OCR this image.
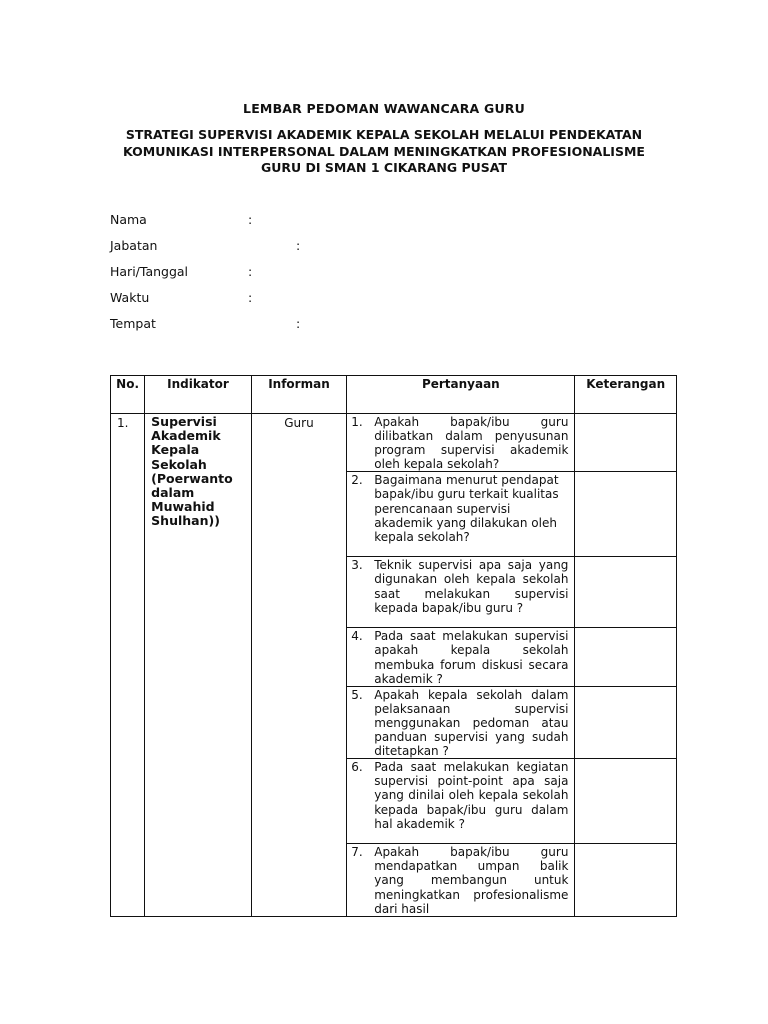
LEMBAR PEDOMAN WAWANCARA GURU
STRATEGI SUPERVISI AKADEMIK KEPALA SEKOLAH MELALUI PENDEKATAN
KOMUNIKASI INTERPERSONAL DALAM MENINGKATKAN PROFESIONALISME
GURU DI SMAN 1 CIKARANG PUSAT
Nama	:
Jabatan	:
Hari/Tanggal	:
Waktu	:
Tempat	:
No.	Indikator	Informan	Pertanyaan	Keterangan
1.	Supervisi Akademik Kepala Sekolah (Poerwanto dalam Muwahid Shulhan))	Guru	1. Apakah bapak/ibu guru dilibatkan dalam penyusunan program supervisi akademik oleh kepala sekolah?	

			2. Bagaimana menurut pendapat bapak/ibu guru terkait kualitas perencanaan supervisi akademik yang dilakukan oleh kepala sekolah?	

			3. Teknik supervisi apa saja yang digunakan oleh kepala sekolah saat melakukan supervisi kepada bapak/ibu guru ?	

			4. Pada saat melakukan supervisi apakah kepala sekolah membuka forum diskusi secara akademik ?	

			5. Apakah kepala sekolah dalam pelaksanaan supervisi menggunakan pedoman atau panduan supervisi yang sudah ditetapkan ?	

			6. Pada saat melakukan kegiatan supervisi point-point apa saja yang dinilai oleh kepala sekolah kepada bapak/ibu guru dalam hal akademik ?	

			7. Apakah bapak/ibu guru mendapatkan umpan balik yang membangun untuk meningkatkan profesionalisme dari hasil	
